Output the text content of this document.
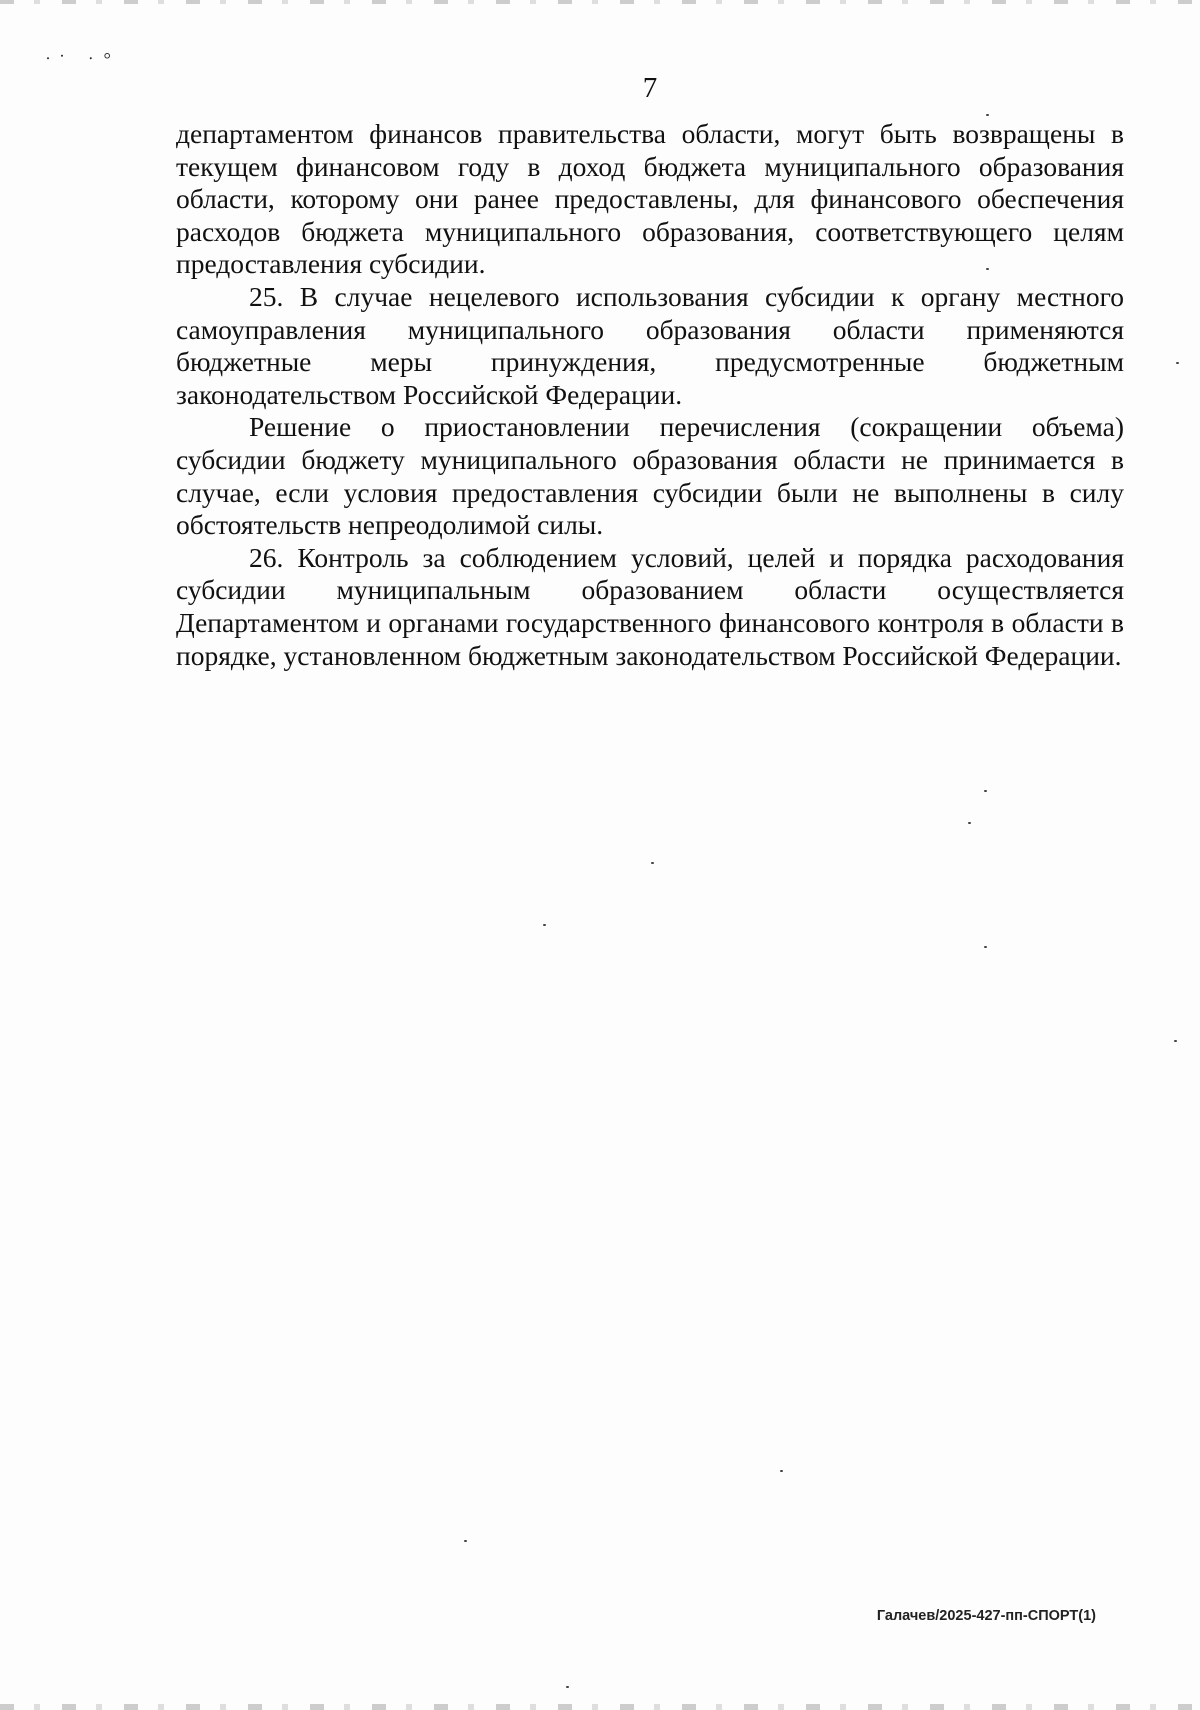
⸳⸱ ⸳⸰
7

департаментом финансов правительства области, могут быть возвращены в текущем финансовом году в доход бюджета муниципального образования области, которому они ранее предоставлены, для финансового обеспечения расходов бюджета муниципального образования, соответствующего целям предоставления субсидии.

25. В случае нецелевого использования субсидии к органу местного самоуправления муниципального образования области применяются бюджетные меры принуждения, предусмотренные бюджетным законодательством Российской Федерации.

Решение о приостановлении перечисления (сокращении объема) субсидии бюджету муниципального образования области не принимается в случае, если условия предоставления субсидии были не выполнены в силу обстоятельств непреодолимой силы.

26. Контроль за соблюдением условий, целей и порядка расходования субсидии муниципальным образованием области осуществляется Департаментом и органами государственного финансового контроля в области в порядке, установленном бюджетным законодательством Российской Федерации.

Галачев/2025-427-пп-СПОРТ(1)
